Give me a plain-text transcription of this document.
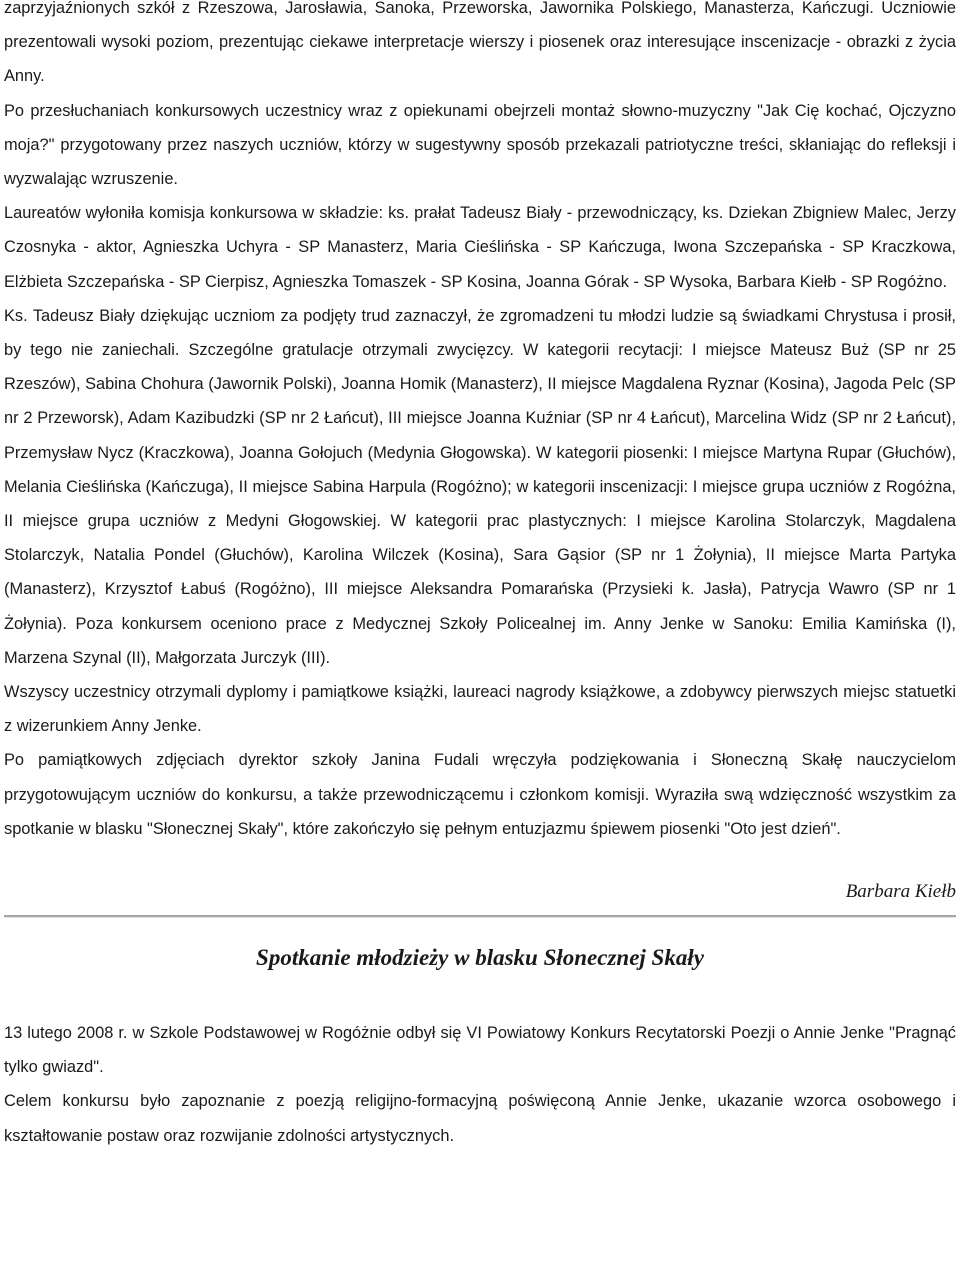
zaprzyjaźnionych szkół z Rzeszowa, Jarosławia, Sanoka, Przeworska, Jawornika Polskiego, Manasterza, Kańczugi. Uczniowie prezentowali wysoki poziom, prezentując ciekawe interpretacje wierszy i piosenek oraz interesujące inscenizacje - obrazki z życia Anny.

Po przesłuchaniach konkursowych uczestnicy wraz z opiekunami obejrzeli montaż słowno-muzyczny "Jak Cię kochać, Ojczyzno moja?" przygotowany przez naszych uczniów, którzy w sugestywny sposób przekazali patriotyczne treści, skłaniając do refleksji i wyzwalając wzruszenie.

Laureatów wyłoniła komisja konkursowa w składzie: ks. prałat Tadeusz Biały - przewodniczący, ks. Dziekan Zbigniew Malec, Jerzy Czosnyka - aktor, Agnieszka Uchyra - SP Manasterz, Maria Cieślińska - SP Kańczuga, Iwona Szczepańska - SP Kraczkowa, Elżbieta Szczepańska - SP Cierpisz, Agnieszka Tomaszek - SP Kosina, Joanna Górak - SP Wysoka, Barbara Kiełb - SP Rogóżno.

Ks. Tadeusz Biały dziękując uczniom za podjęty trud zaznaczył, że zgromadzeni tu młodzi ludzie są świadkami Chrystusa i prosił, by tego nie zaniechali. Szczególne gratulacje otrzymali zwycięzcy. W kategorii recytacji: I miejsce Mateusz Buż (SP nr 25 Rzeszów), Sabina Chohura (Jawornik Polski), Joanna Homik (Manasterz), II miejsce Magdalena Ryznar (Kosina), Jagoda Pelc (SP nr 2 Przeworsk), Adam Kazibudzki (SP nr 2 Łańcut), III miejsce Joanna Kuźniar (SP nr 4 Łańcut), Marcelina Widz (SP nr 2 Łańcut), Przemysław Nycz (Kraczkowa), Joanna Gołojuch (Medynia Głogowska). W kategorii piosenki: I miejsce Martyna Rupar (Głuchów), Melania Cieślińska (Kańczuga), II miejsce Sabina Harpula (Rogóżno); w kategorii inscenizacji: I miejsce grupa uczniów z Rogóżna, II miejsce grupa uczniów z Medyni Głogowskiej. W kategorii prac plastycznych: I miejsce Karolina Stolarczyk, Magdalena Stolarczyk, Natalia Pondel (Głuchów), Karolina Wilczek (Kosina), Sara Gąsior (SP nr 1 Żołynia), II miejsce Marta Partyka (Manasterz), Krzysztof Łabuś (Rogóżno), III miejsce Aleksandra Pomarańska (Przysieki k. Jasła), Patrycja Wawro (SP nr 1 Żołynia). Poza konkursem oceniono prace z Medycznej Szkoły Policealnej im. Anny Jenke w Sanoku: Emilia Kamińska (I), Marzena Szynal (II), Małgorzata Jurczyk (III).

Wszyscy uczestnicy otrzymali dyplomy i pamiątkowe książki, laureaci nagrody książkowe, a zdobywcy pierwszych miejsc statuetki z wizerunkiem Anny Jenke.

Po pamiątkowych zdjęciach dyrektor szkoły Janina Fudali wręczyła podziękowania i Słoneczną Skałę nauczycielom przygotowującym uczniów do konkursu, a także przewodniczącemu i członkom komisji. Wyraziła swą wdzięczność wszystkim za spotkanie w blasku "Słonecznej Skały", które zakończyło się pełnym entuzjazmu śpiewem piosenki "Oto jest dzień".

Barbara Kiełb
Spotkanie młodzieży w blasku Słonecznej Skały

13 lutego 2008 r. w Szkole Podstawowej w Rogóżnie odbył się VI Powiatowy Konkurs Recytatorski Poezji o Annie Jenke "Pragnąć tylko gwiazd".

Celem konkursu było zapoznanie z poezją religijno-formacyjną poświęconą Annie Jenke, ukazanie wzorca osobowego i kształtowanie postaw oraz rozwijanie zdolności artystycznych.
